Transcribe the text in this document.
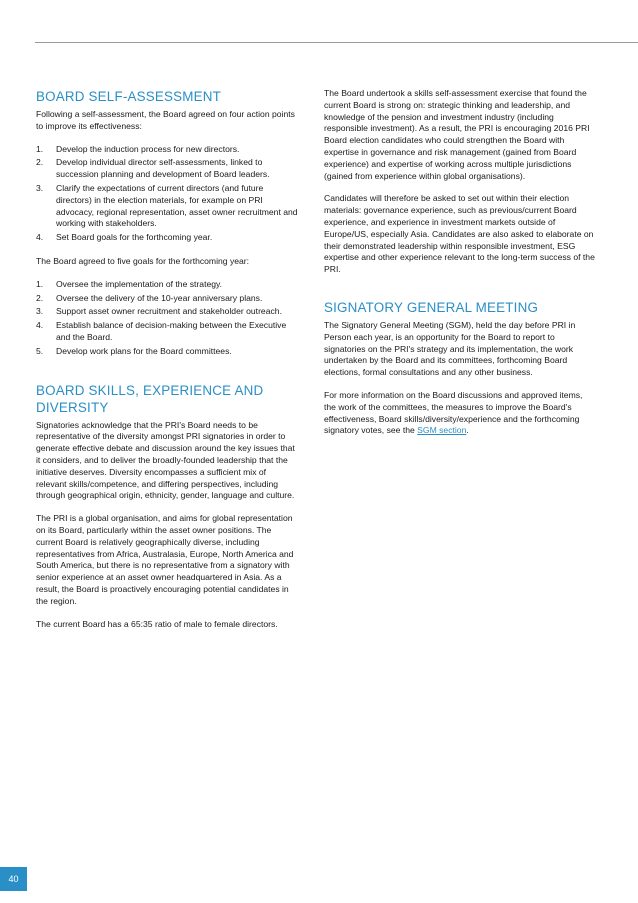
BOARD SELF-ASSESSMENT

Following a self-assessment, the Board agreed on four action points to improve its effectiveness:

1. Develop the induction process for new directors.
2. Develop individual director self-assessments, linked to succession planning and development of Board leaders.
3. Clarify the expectations of current directors (and future directors) in the election materials, for example on PRI advocacy, regional representation, asset owner recruitment and working with stakeholders.
4. Set Board goals for the forthcoming year.

The Board agreed to five goals for the forthcoming year:

1. Oversee the implementation of the strategy.
2. Oversee the delivery of the 10-year anniversary plans.
3. Support asset owner recruitment and stakeholder outreach.
4. Establish balance of decision-making between the Executive and the Board.
5. Develop work plans for the Board committees.
BOARD SKILLS, EXPERIENCE AND DIVERSITY

Signatories acknowledge that the PRI's Board needs to be representative of the diversity amongst PRI signatories in order to generate effective debate and discussion around the key issues that it considers, and to deliver the broadly-founded leadership that the initiative deserves. Diversity encompasses a sufficient mix of relevant skills/competence, and differing perspectives, including through geographical origin, ethnicity, gender, language and culture.

The PRI is a global organisation, and aims for global representation on its Board, particularly within the asset owner positions. The current Board is relatively geographically diverse, including representatives from Africa, Australasia, Europe, North America and South America, but there is no representative from a signatory with senior experience at an asset owner headquartered in Asia. As a result, the Board is proactively encouraging potential candidates in the region.

The current Board has a 65:35 ratio of male to female directors.

The Board undertook a skills self-assessment exercise that found the current Board is strong on: strategic thinking and leadership, and knowledge of the pension and investment industry (including responsible investment). As a result, the PRI is encouraging 2016 PRI Board election candidates who could strengthen the Board with expertise in governance and risk management (gained from Board experience) and expertise of working across multiple jurisdictions (gained from experience within global organisations).

Candidates will therefore be asked to set out within their election materials: governance experience, such as previous/current Board experience, and experience in investment markets outside of Europe/US, especially Asia. Candidates are also asked to elaborate on their demonstrated leadership within responsible investment, ESG expertise and other experience relevant to the long-term success of the PRI.

SIGNATORY GENERAL MEETING

The Signatory General Meeting (SGM), held the day before PRI in Person each year, is an opportunity for the Board to report to signatories on the PRI's strategy and its implementation, the work undertaken by the Board and its committees, forthcoming Board elections, formal consultations and any other business.

For more information on the Board discussions and approved items, the work of the committees, the measures to improve the Board's effectiveness, Board skills/diversity/experience and the forthcoming signatory votes, see the SGM section.

40
